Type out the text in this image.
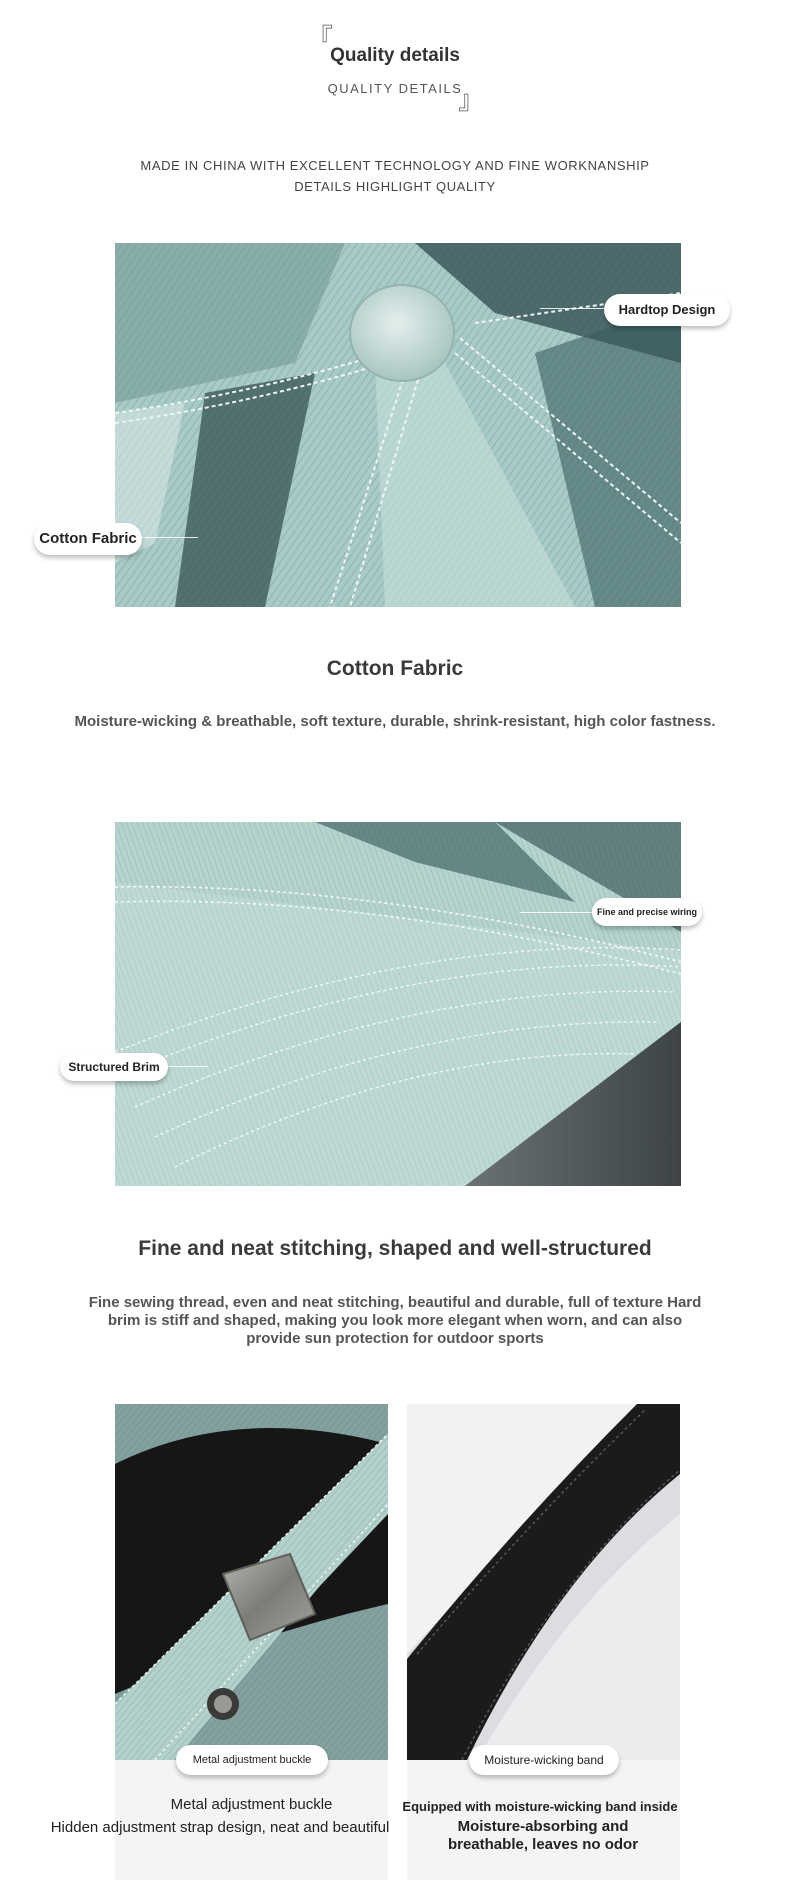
『
Quality details
QUALITY DETAILS
』
MADE IN CHINA WITH EXCELLENT TECHNOLOGY AND FINE WORKNANSHIP
DETAILS HIGHLIGHT QUALITY
Hardtop Design
Cotton Fabric
Cotton Fabric
Moisture-wicking & breathable, soft texture, durable, shrink-resistant, high color fastness.
Fine and precise wiring
Structured Brim
Fine and neat stitching, shaped and well-structured
Fine sewing thread, even and neat stitching, beautiful and durable, full of texture Hard brim is stiff and shaped, making you look more elegant when worn, and can also provide sun protection for outdoor sports
Metal adjustment buckle	Moisture-wicking band
Metal adjustment buckle
Hidden adjustment strap design, neat and beautiful
Equipped with moisture-wicking band inside
Moisture-absorbing and breathable, leaves no odor
